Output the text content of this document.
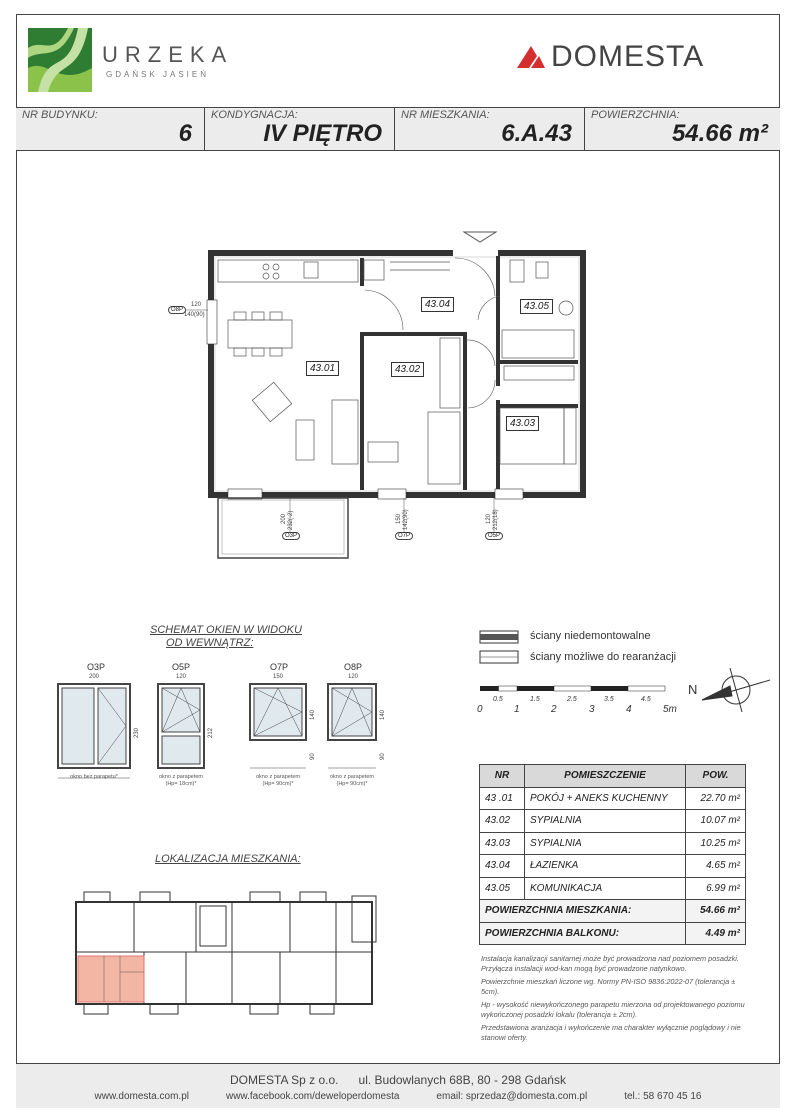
URZEKA
GDAŃSK JASIEŃ
DOMESTA
NR BUDYNKU:
6
KONDYGNACJA:
IV PIĘTRO
NR MIESZKANIA:
6.A.43
POWIERZCHNIA:
54.66 m²
43.01	43.02
43.03
43.04	43.05
O8P
120
140(90)
O3P
200 232(-2)
O7P
150 142(90)
O5P
120 212(18)
SCHEMAT OKIEN W WIDOKU
OD WEWNĄTRZ:
O3P	O5P	O7P	O8P
200	120	150	120
230	212
140	140
90	90
okno bez parapetu*	okno z parapetem
(Hp= 18cm)*
okno z parapetem
(Hp= 90cm)*
okno z parapetem
(Hp= 90cm)*
ściany niedemontowalne
ściany możliwe do rearanżacji
0	1	2	3	4	5m
0.5	1.5	2.5	3.5	4.5
N
LOKALIZACJA MIESZKANIA:
NR	POMIESZCZENIE	POW.
43 .01	POKÓJ + ANEKS KUCHENNY	22.70 m²
43.02	SYPIALNIA	10.07 m²
43.03	SYPIALNIA	10.25 m²
43.04	ŁAZIENKA	4.65 m²
43.05	KOMUNIKACJA	6.99 m²
POWIERZCHNIA MIESZKANIA:		54.66 m²
POWIERZCHNIA BALKONU:		4.49 m²

Instalacja kanalizacji sanitarnej może być prowadzona nad poziomem posadzki. Przyłącza instalacji wod-kan mogą być prowadzone natynkowo.

Powierzchnie mieszkań liczone wg. Normy PN-ISO 9836:2022-07 (tolerancja ± 5cm).

Hp - wysokość niewykończonego parapetu mierzona od projektowanego poziomu wykończonej posadzki lokalu (tolerancja ± 2cm).

Przedstawiona aranżacja i wykończenie ma charakter wyłącznie poglądowy i nie stanowi oferty.

DOMESTA Sp z o.o. ul. Budowlanych 68B, 80 - 298 Gdańsk
www.domesta.com.pl	www.facebook.com/deweloperdomesta	email: sprzedaz@domesta.com.pl	tel.: 58 670 45 16
